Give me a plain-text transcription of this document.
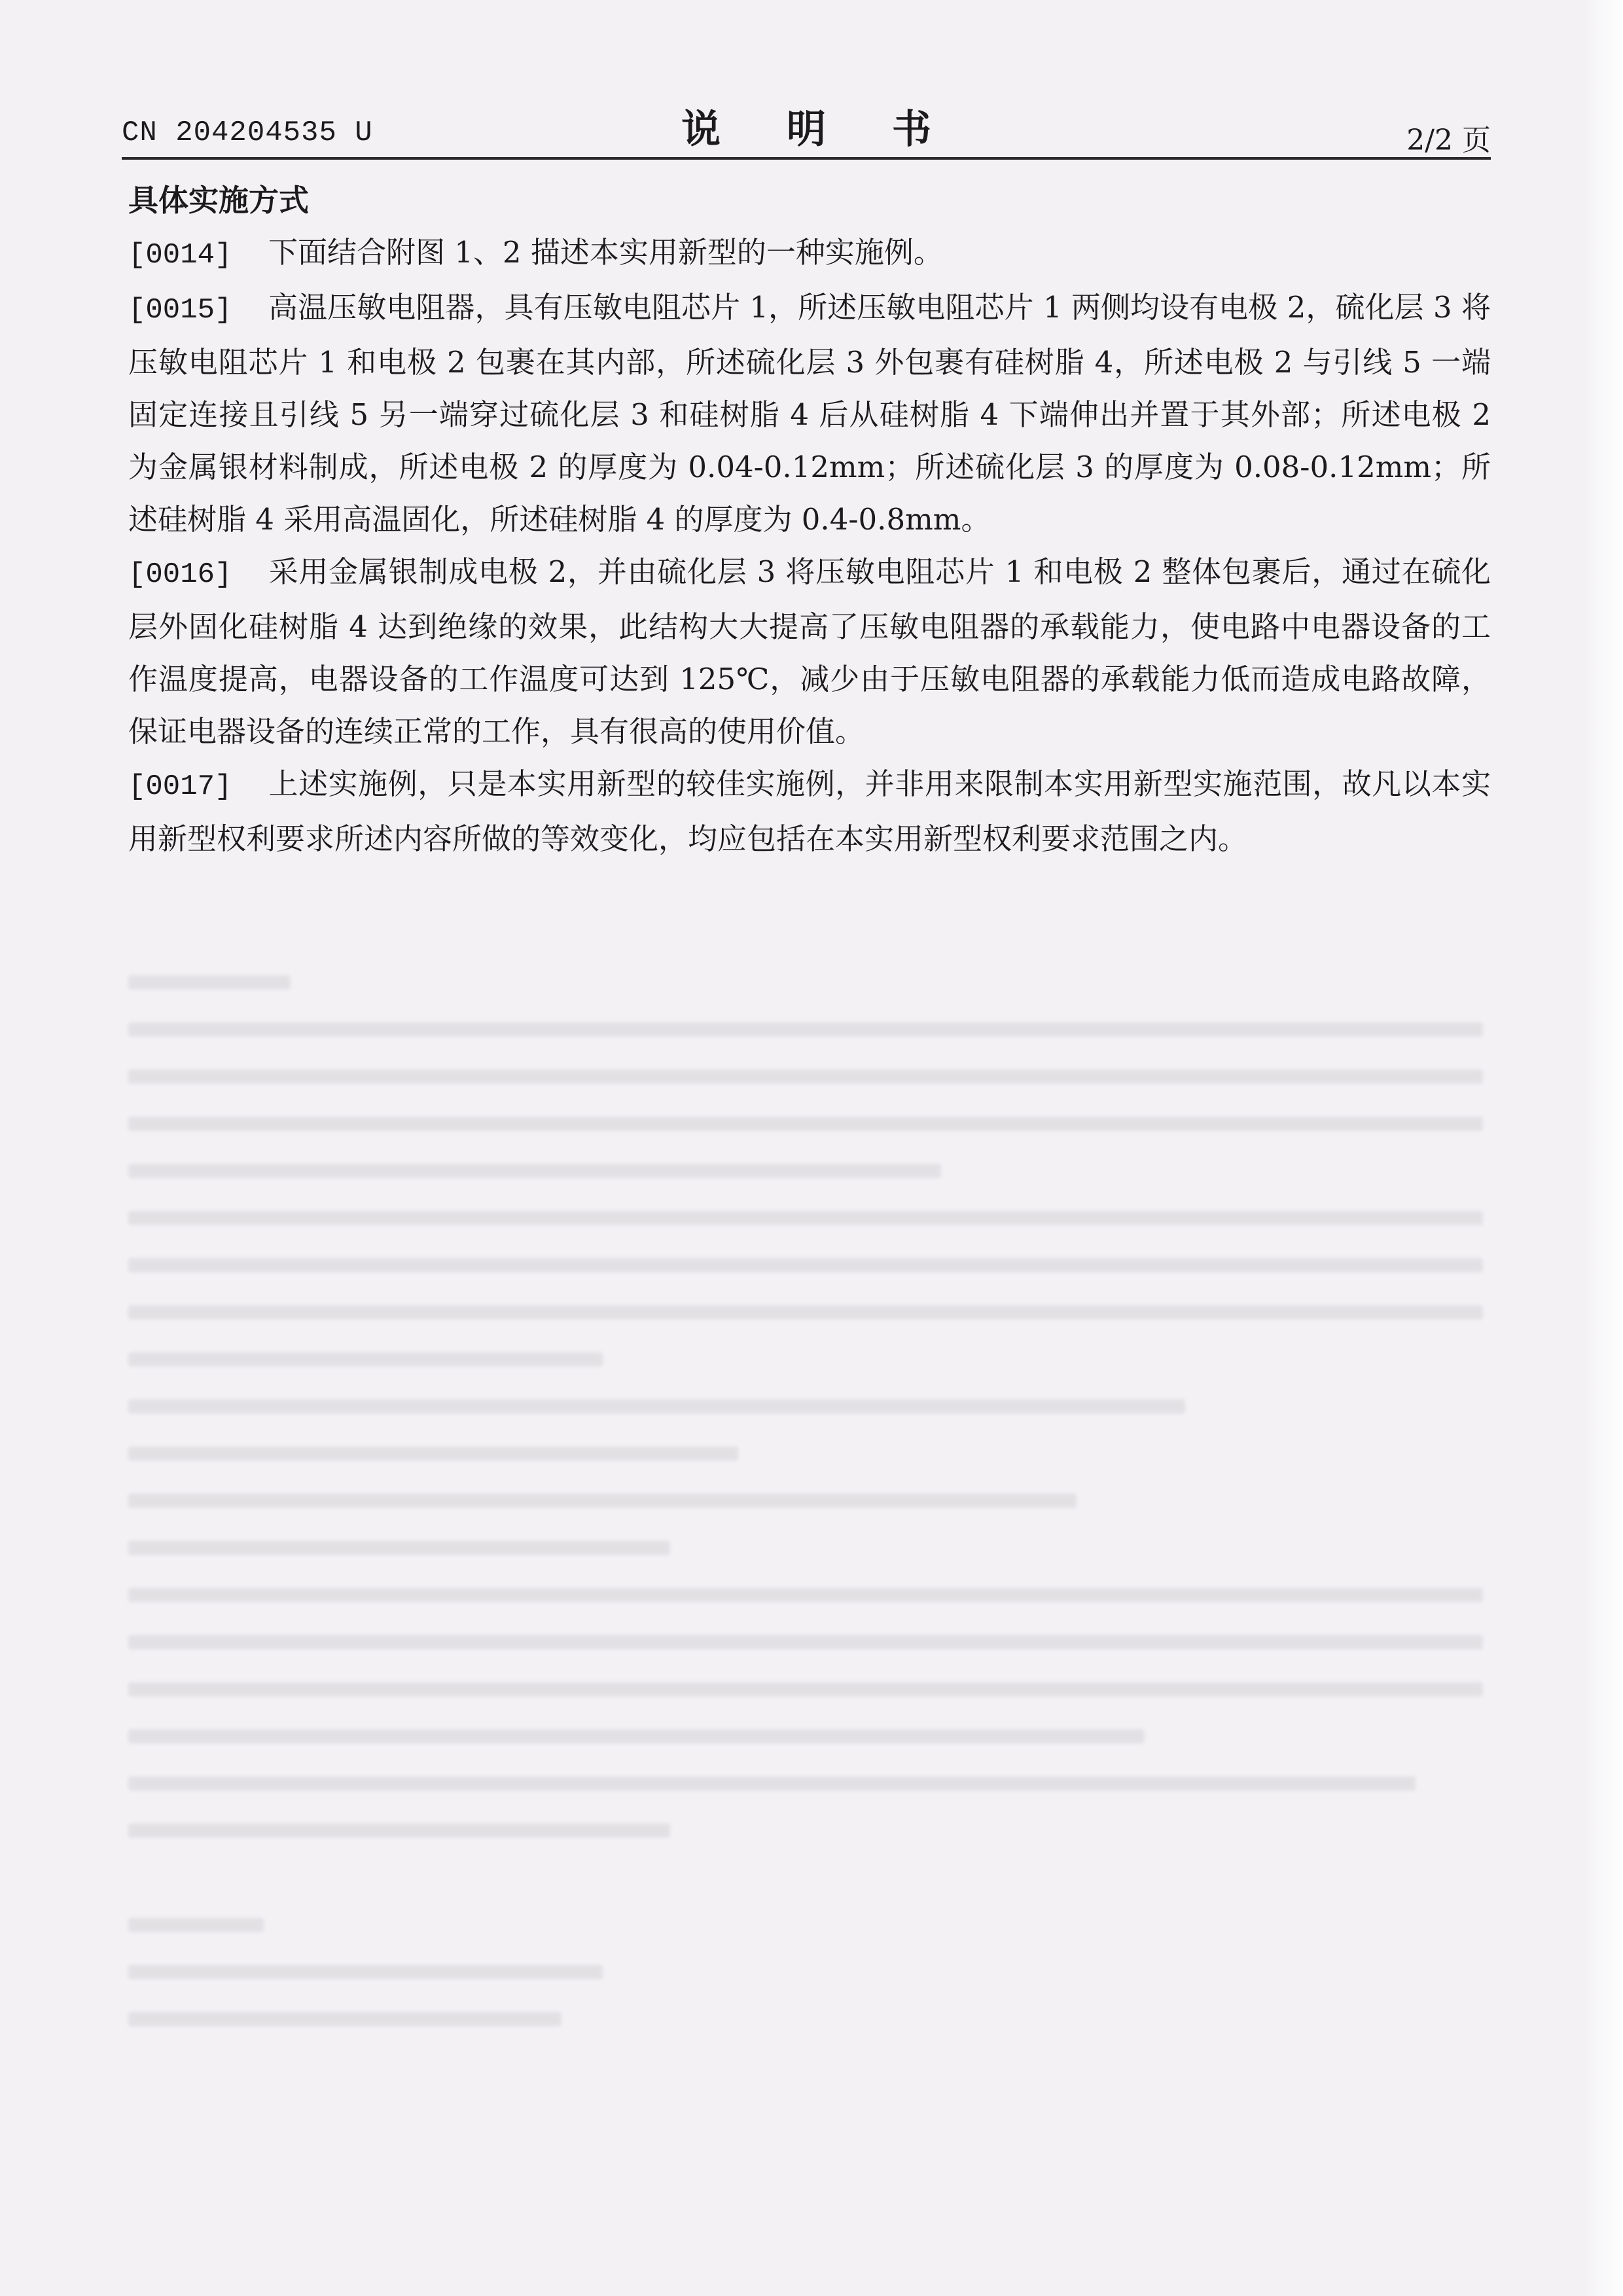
CN 204204535 U	说 明 书	2/2 页
具体实施方式

[0014] 下面结合附图 1、2 描述本实用新型的一种实施例。

[0015] 高温压敏电阻器，具有压敏电阻芯片 1，所述压敏电阻芯片 1 两侧均设有电极 2，硫化层 3 将压敏电阻芯片 1 和电极 2 包裹在其内部，所述硫化层 3 外包裹有硅树脂 4，所述电极 2 与引线 5 一端固定连接且引线 5 另一端穿过硫化层 3 和硅树脂 4 后从硅树脂 4 下端伸出并置于其外部；所述电极 2 为金属银材料制成，所述电极 2 的厚度为 0.04-0.12mm；所述硫化层 3 的厚度为 0.08-0.12mm；所述硅树脂 4 采用高温固化，所述硅树脂 4 的厚度为 0.4-0.8mm。

[0016] 采用金属银制成电极 2，并由硫化层 3 将压敏电阻芯片 1 和电极 2 整体包裹后，通过在硫化层外固化硅树脂 4 达到绝缘的效果，此结构大大提高了压敏电阻器的承载能力，使电路中电器设备的工作温度提高，电器设备的工作温度可达到 125℃，减少由于压敏电阻器的承载能力低而造成电路故障，保证电器设备的连续正常的工作，具有很高的使用价值。

[0017] 上述实施例，只是本实用新型的较佳实施例，并非用来限制本实用新型实施范围，故凡以本实用新型权利要求所述内容所做的等效变化，均应包括在本实用新型权利要求范围之内。
